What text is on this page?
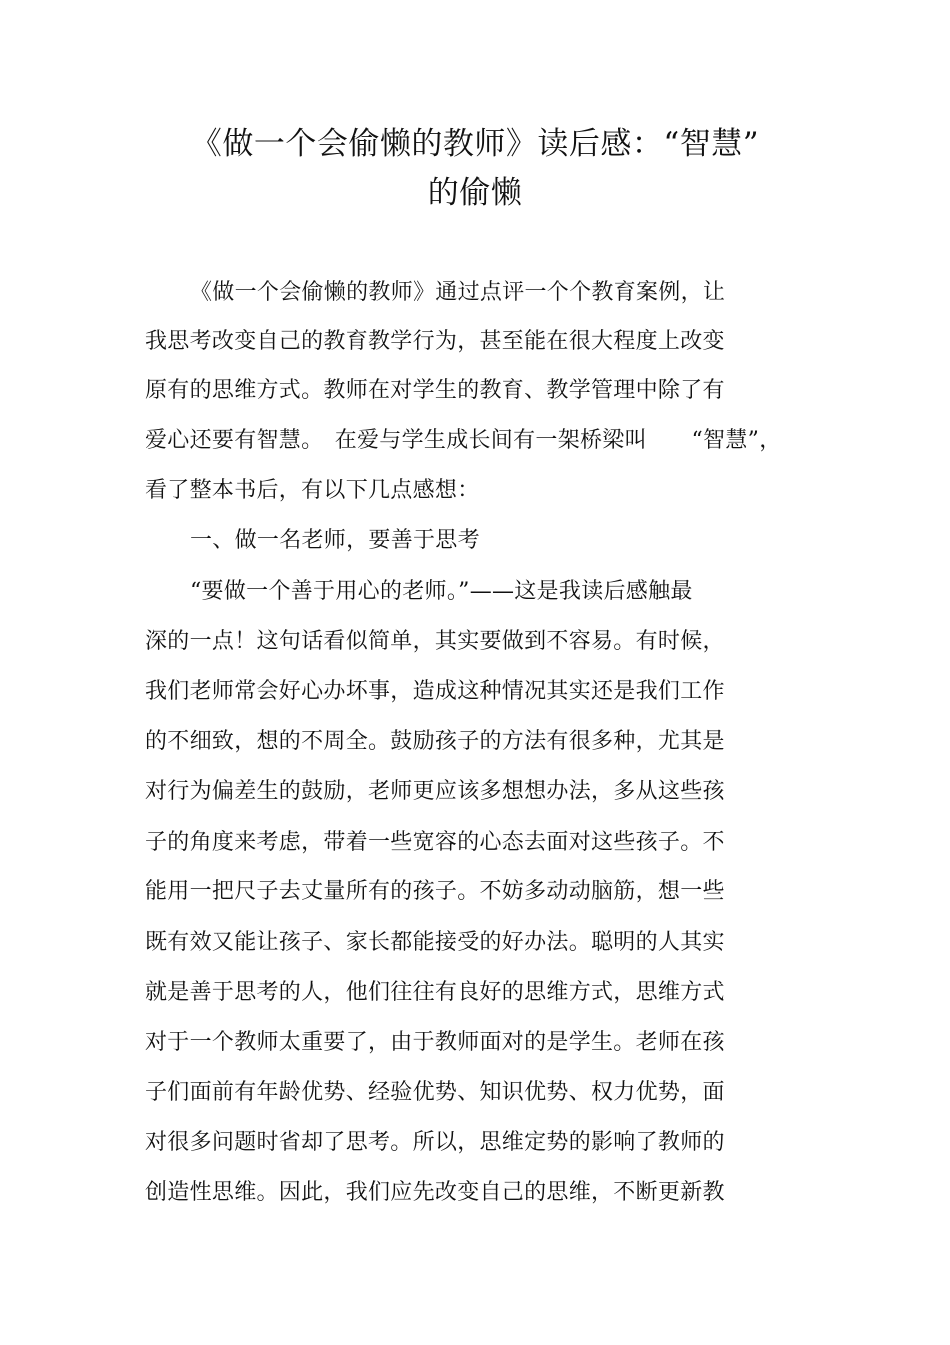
《做一个会偷懒的教师》读后感：“智慧”
的偷懒
《做一个会偷懒的教师》通过点评一个个教育案例，让
我思考改变自己的教育教学行为，甚至能在很大程度上改变
原有的思维方式。教师在对学生的教育、教学管理中除了有
爱心还要有智慧。　在爱与学生成长间有一架桥梁叫　　“智慧”，
看了整本书后，有以下几点感想：
一、做一名老师，要善于思考
“要做一个善于用心的老师。”——这是我读后感触最
深的一点！这句话看似简单，其实要做到不容易。有时候，
我们老师常会好心办坏事，造成这种情况其实还是我们工作
的不细致，想的不周全。鼓励孩子的方法有很多种，尤其是
对行为偏差生的鼓励，老师更应该多想想办法，多从这些孩
子的角度来考虑，带着一些宽容的心态去面对这些孩子。不
能用一把尺子去丈量所有的孩子。不妨多动动脑筋，想一些
既有效又能让孩子、家长都能接受的好办法。聪明的人其实
就是善于思考的人，他们往往有良好的思维方式，思维方式
对于一个教师太重要了，由于教师面对的是学生。老师在孩
子们面前有年龄优势、经验优势、知识优势、权力优势，面
对很多问题时省却了思考。所以，思维定势的影响了教师的
创造性思维。因此，我们应先改变自己的思维，不断更新教
